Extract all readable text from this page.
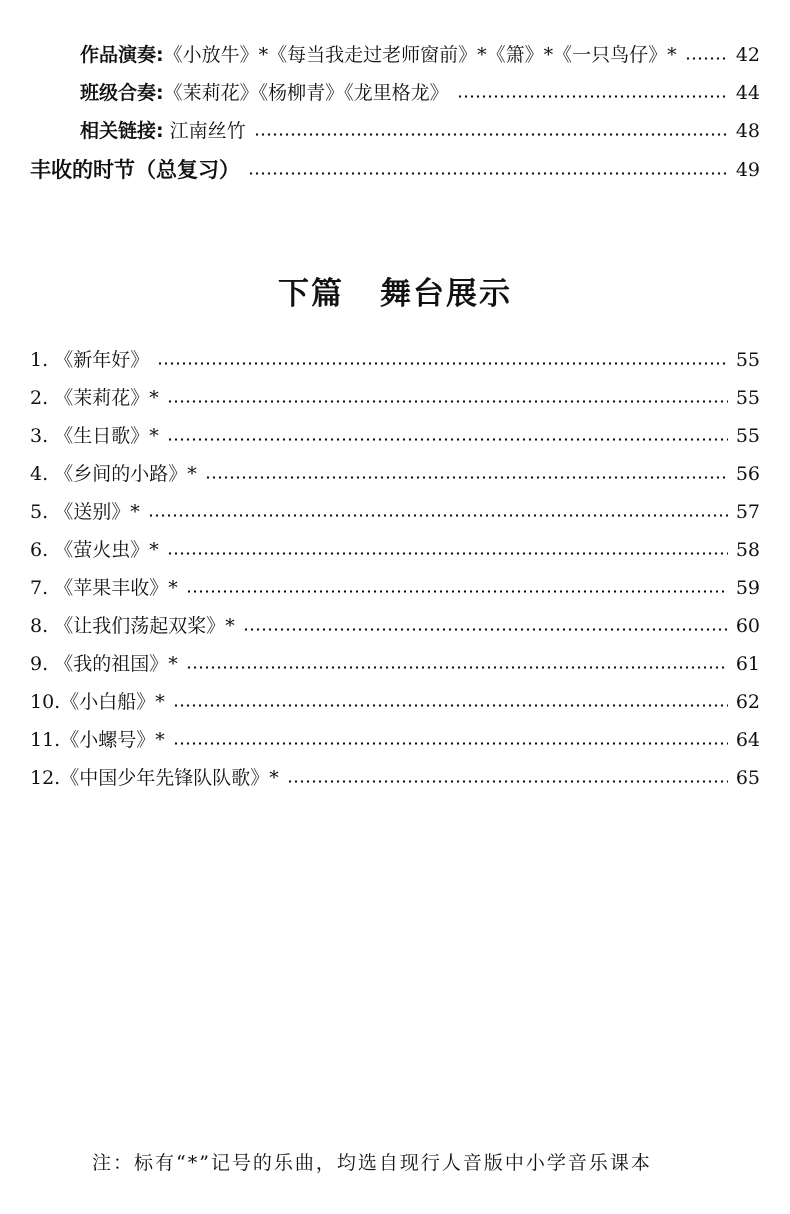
作品演奏:《小放牛》*《每当我走过老师窗前》*《箫》*《一只鸟仔》*	42
班级合奏:《茉莉花》《杨柳青》《龙里格龙》	44
相关链接: 江南丝竹	48
丰收的时节（总复习）	49
下篇 舞台展示
1. 《新年好》	55
2. 《茉莉花》*	55
3. 《生日歌》*	55
4. 《乡间的小路》*	56
5. 《送别》*	57
6. 《萤火虫》*	58
7. 《苹果丰收》*	59
8. 《让我们荡起双桨》*	60
9. 《我的祖国》*	61
10.《小白船》*	62
11.《小螺号》*	64
12.《中国少年先锋队队歌》*	65
注：标有“*”记号的乐曲，均选自现行人音版中小学音乐课本
